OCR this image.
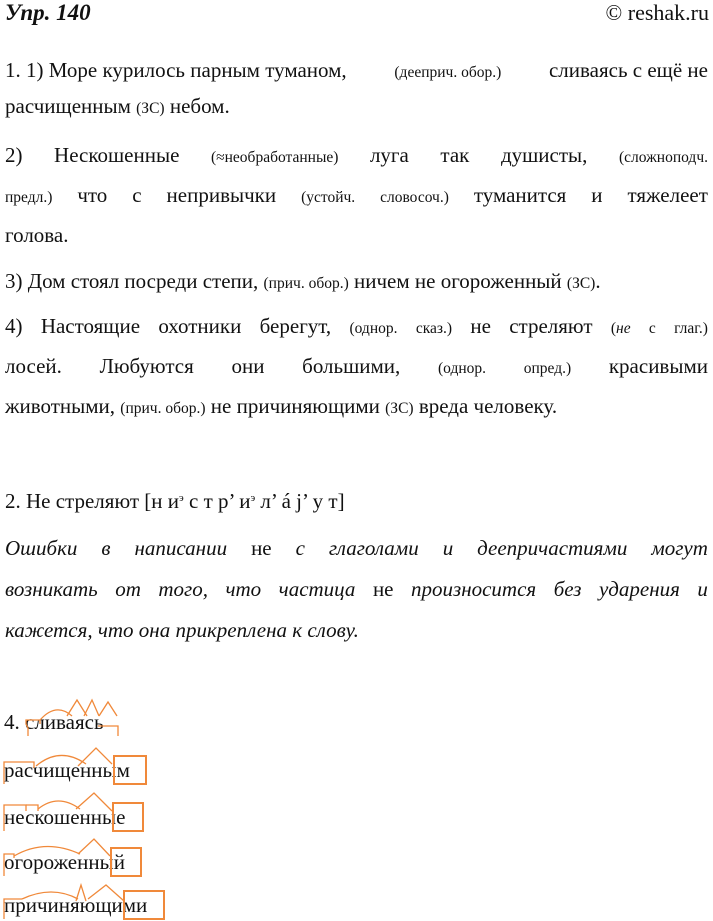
Упр. 140	© reshak.ru
1. 1) Море курилось парным туманом,	(дееприч. обор.) сливаясь с ещё не
расчищенным (ЗС) небом.
2) Нескошенные (≈необработанные) луга так душисты, (сложноподч.
предл.) что с непривычки (устойч. словосоч.) туманится и тяжелеет
голова.
3) Дом стоял посреди степи, (прич. обор.) ничем не огороженный (ЗС).
4) Настоящие охотники берегут, (однор. сказ.) не стреляют (не с глаг.)
лосей. Любуются они большими, (однор. опред.) красивыми
животными, (прич. обор.) не причиняющими (ЗС) вреда человеку.
2. Не стреляют [н $и^э$ с т р’ $и^э$ л’ á j’ у т]
Ошибки в написании не с глаголами и деепричастиями могут
возникать от того, что частица не произносится без ударения и
кажется, что она прикреплена к слову.
4. сливаясь
расчищенным
нескошенные
огороженный
причиняющими
